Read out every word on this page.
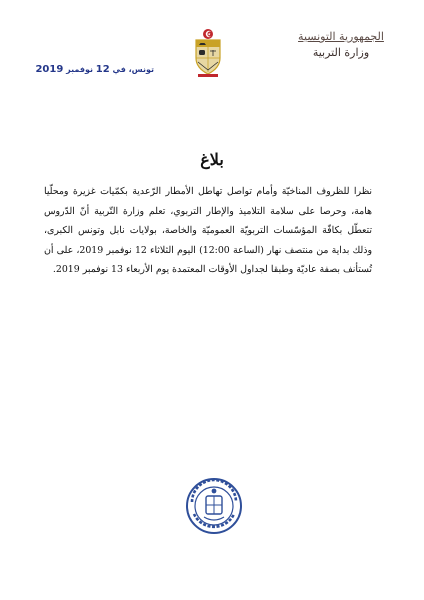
الجمهورية التونسية
وزارة التربية
تونس، في 12 نوفمبر 2019
بلاغ

نظرا للظروف المناخيّة وأمام تواصل تهاطل الأمطار الرّعدية بكمّيات غزيرة ومحلّيا هامة، وحرصا على سلامة التلاميذ والإطار التربوي، تعلم وزارة التّربية أنّ الدّروس تتعطّل بكافّة المؤسّسات التربويّة العموميّة والخاصة، بولايات نابل وتونس الكبرى، وذلك بداية من منتصف نهار (الساعة 12:00) اليوم الثلاثاء 12 نوفمبر 2019، على أن تُستأنف بصفة عاديّة وطبقا لجداول الأوقات المعتمدة يوم الأربعاء 13 نوفمبر 2019.
